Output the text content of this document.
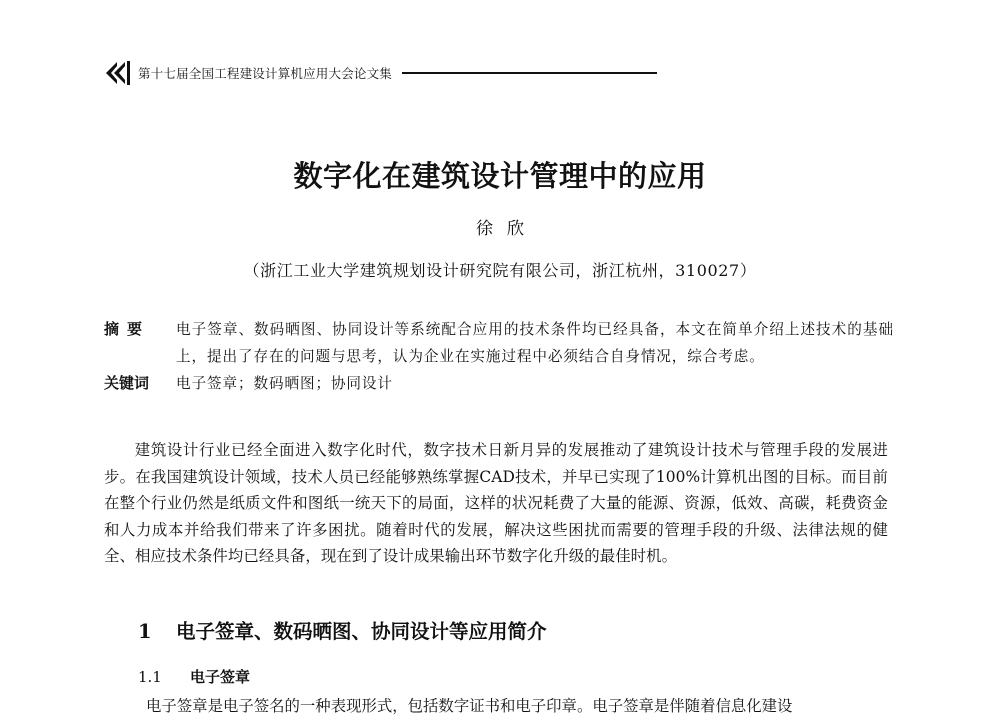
第十七届全国工程建设计算机应用大会论文集
数字化在建筑设计管理中的应用
徐欣
（浙江工业大学建筑规划设计研究院有限公司，浙江杭州，310027）
摘要	电子签章、数码晒图、协同设计等系统配合应用的技术条件均已经具备，本文在简单介绍上述技术的基础上，提出了存在的问题与思考，认为企业在实施过程中必须结合自身情况，综合考虑。
关键词	电子签章；数码晒图；协同设计
建筑设计行业已经全面进入数字化时代，数字技术日新月异的发展推动了建筑设计技术与管理手段的发展进步。在我国建筑设计领域，技术人员已经能够熟练掌握CAD技术，并早已实现了100%计算机出图的目标。而目前在整个行业仍然是纸质文件和图纸一统天下的局面，这样的状况耗费了大量的能源、资源，低效、高碳，耗费资金和人力成本并给我们带来了许多困扰。随着时代的发展，解决这些困扰而需要的管理手段的升级、法律法规的健全、相应技术条件均已经具备，现在到了设计成果输出环节数字化升级的最佳时机。
1 电子签章、数码晒图、协同设计等应用简介
1.1 电子签章
电子签章是电子签名的一种表现形式，包括数字证书和电子印章。电子签章是伴随着信息化建设
